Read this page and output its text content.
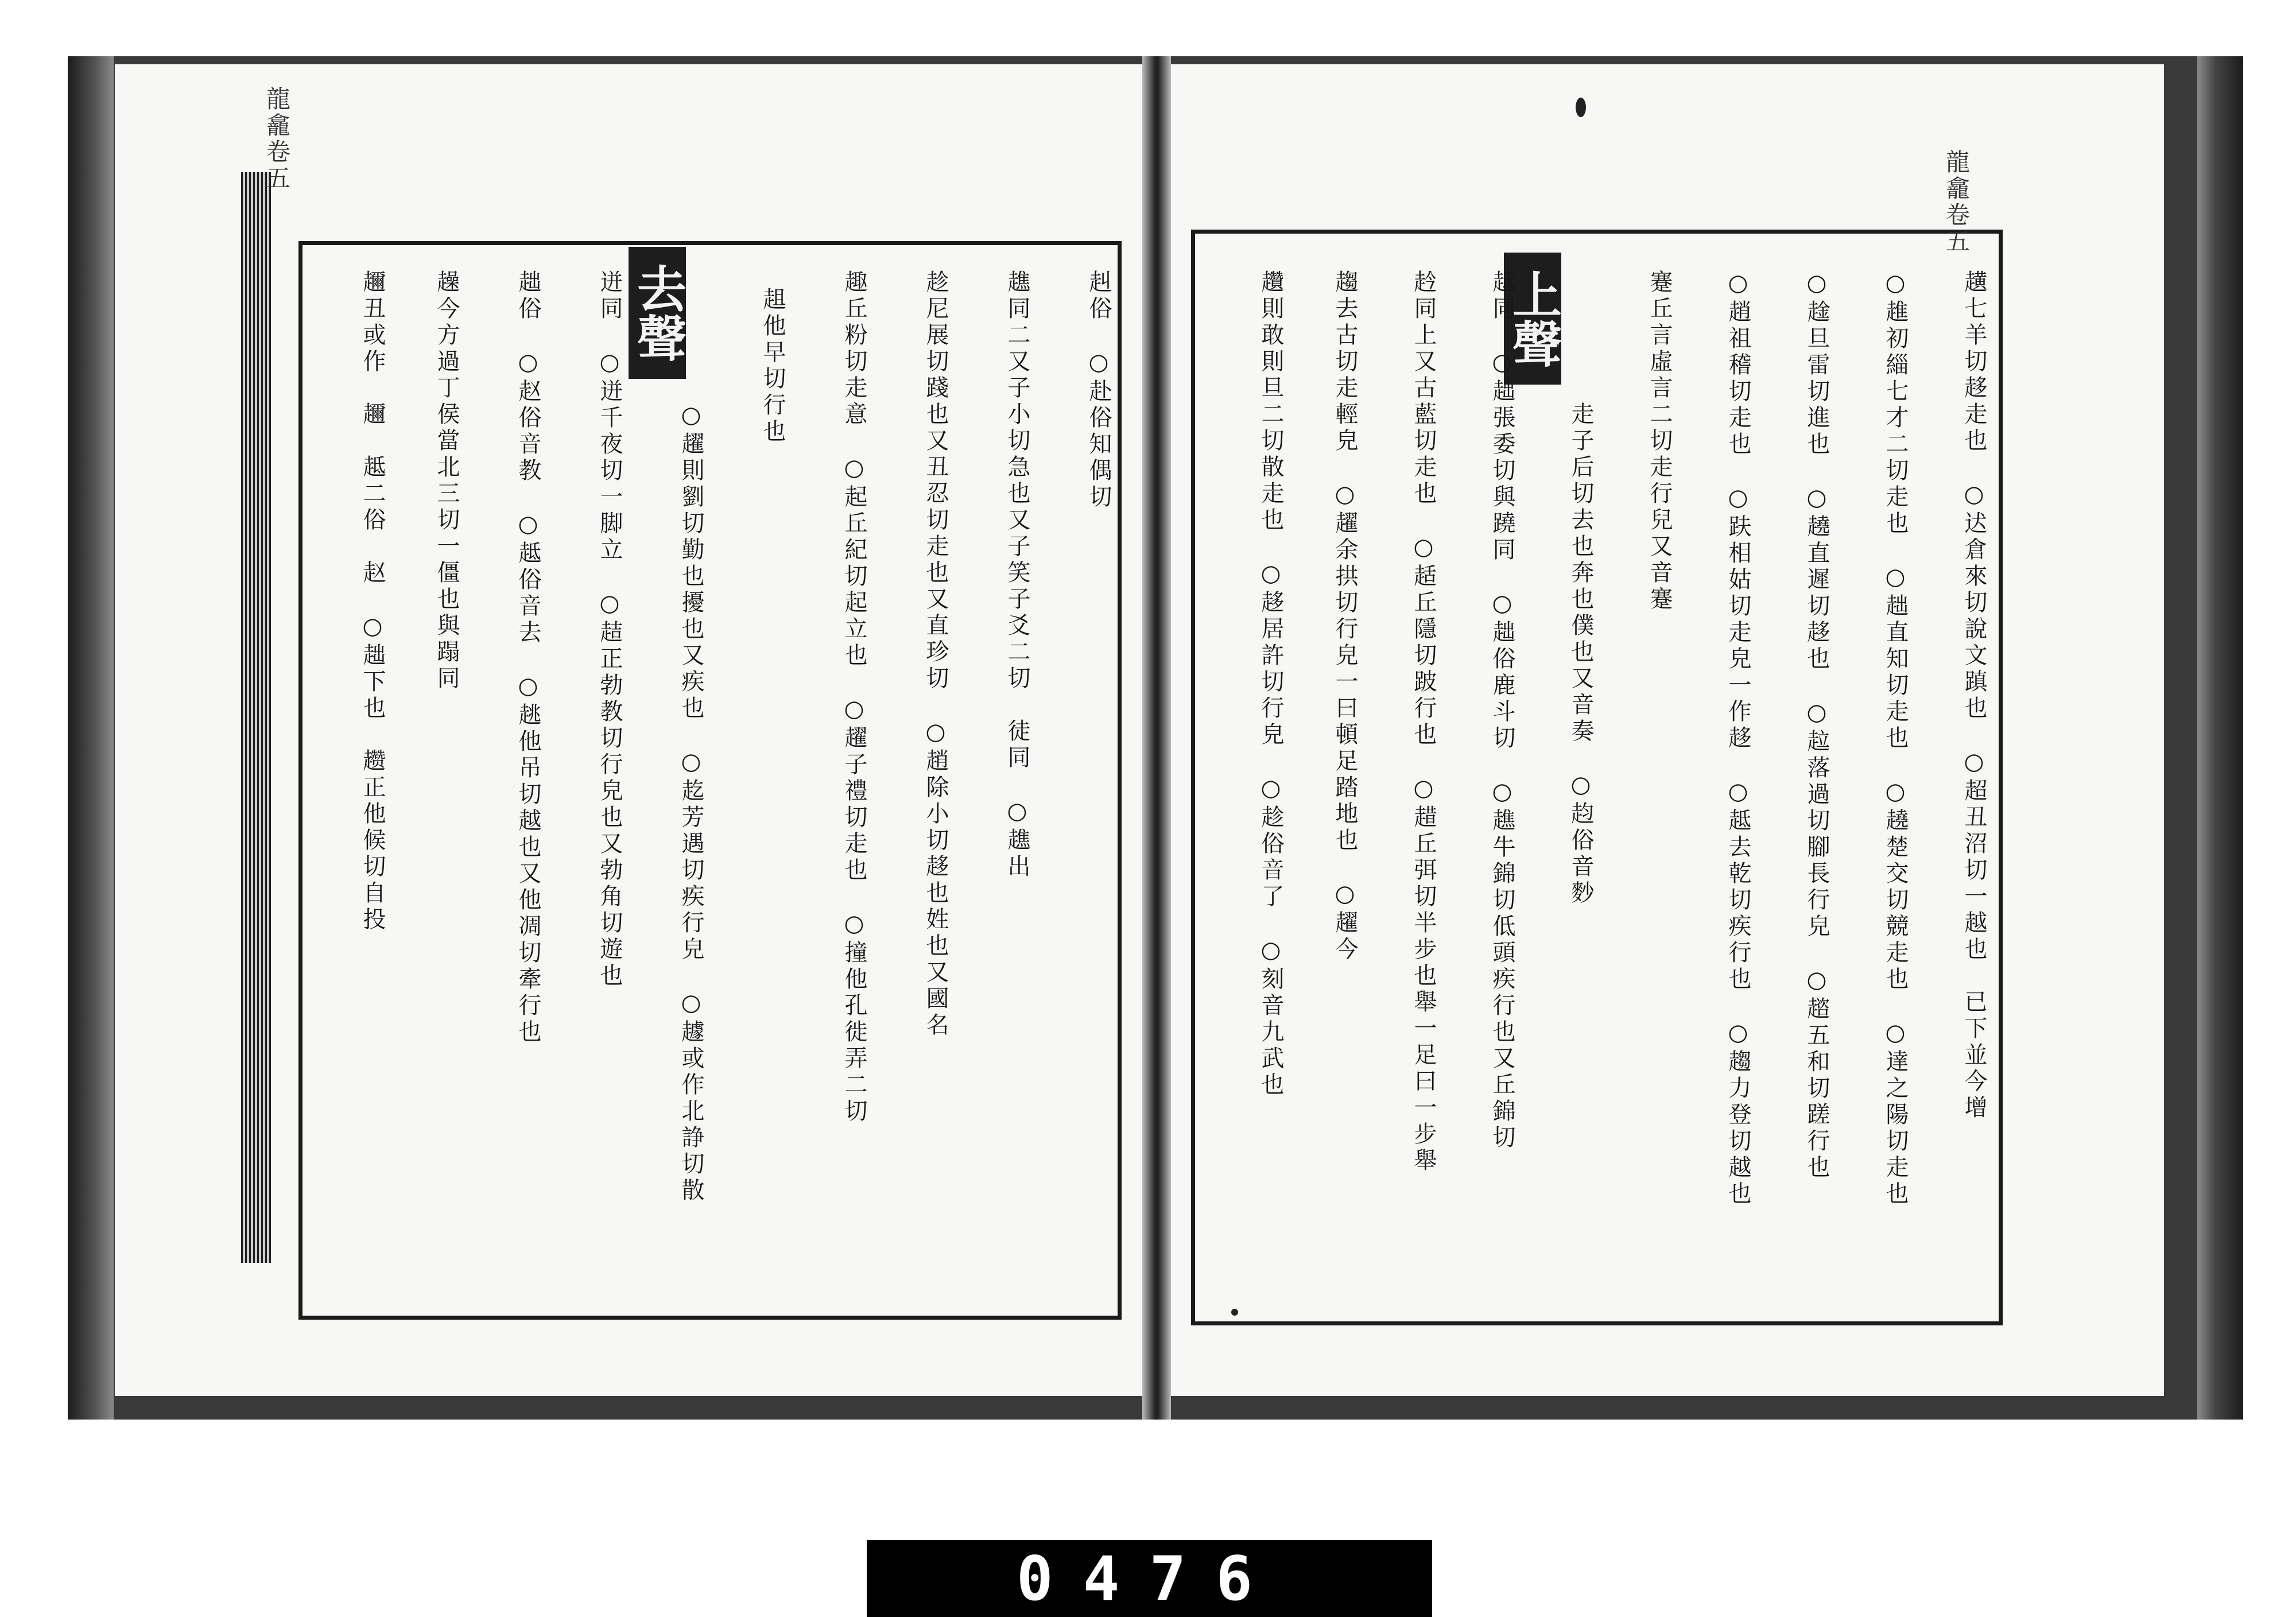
龍龕卷五
龍龕卷五
去聲	上聲
赳俗　○赴俗知偶切
趭同二又子小切急也又子笑子爻二切　徒同　○趭出
趁尼展切踐也又丑忍切走也又直珍切　○趙除小切趍也姓也又國名
趣丘粉切走意　○起丘紀切起立也　○趯子禮切走也　○撞他孔徙弄二切
趄他早切行也
○趯則劉切勤也擾也又疾也　○䞘芳遇切疾行皃　○䟊或作北諍切散
迸同　○迸千夜切一脚立　○趌正勃教切行皃也又勃角切遊也
趉俗　○赵俗音教　○趆俗音去　○趒他吊切越也又他凋切牽行也
趮今方過丁侯當北三切一僵也與蹋同
趰丑或作　趰　趆二俗　赵　○趉下也　趱正他候切自投	趪七羊切趍走也　○迖倉來切說文蹎也　○超丑沼切一越也　已下並今增
○趡初緇七才二切走也　○趉直知切走也　○趬楚交切競走也　○達之陽切走也
○趛旦雷切進也　○趬直遲切趍也　○趇落過切腳長行皃　○趦五和切蹉行也
○趙祖稽切走也　○趺相姑切走皃一作趍　○趆去乾切疾行也　○趨力登切越也
蹇丘言虛言二切走行兒又音蹇
走子后切去也奔也僕也又音奏　○赹俗音麨
趆同　○趉張委切與蹺同　○趉俗鹿斗切　○趭牛錦切低頭疾行也又丘錦切
赺同上又古藍切走也　○趏丘隱切跛行也　○趞丘弭切半步也舉一足曰一步舉
趨去古切走輕皃　○趯余拱切行皃一曰頓足踏地也　○趯今
趲則敢則旦二切散走也　○趍居許切行皃　○趁俗音了　○刻音九武也
0476
